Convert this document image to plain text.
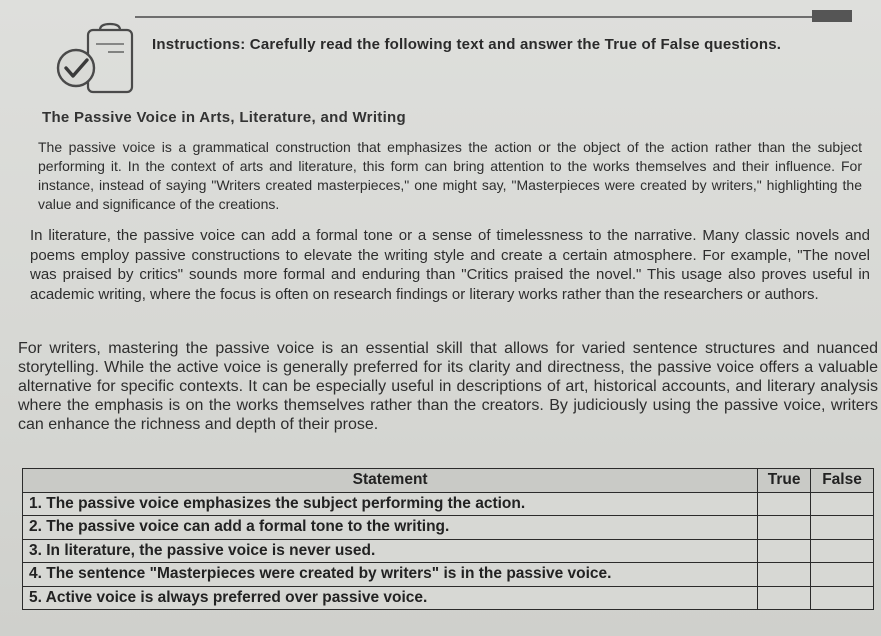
Instructions: Carefully read the following text and answer the True of False questions.
The Passive Voice in Arts, Literature, and Writing

The passive voice is a grammatical construction that emphasizes the action or the object of the action rather than the subject performing it. In the context of arts and literature, this form can bring attention to the works themselves and their influence. For instance, instead of saying "Writers created masterpieces," one might say, "Masterpieces were created by writers," highlighting the value and significance of the creations.

In literature, the passive voice can add a formal tone or a sense of timelessness to the narrative. Many classic novels and poems employ passive constructions to elevate the writing style and create a certain atmosphere. For example, "The novel was praised by critics" sounds more formal and enduring than "Critics praised the novel." This usage also proves useful in academic writing, where the focus is often on research findings or literary works rather than the researchers or authors.

For writers, mastering the passive voice is an essential skill that allows for varied sentence structures and nuanced storytelling. While the active voice is generally preferred for its clarity and directness, the passive voice offers a valuable alternative for specific contexts. It can be especially useful in descriptions of art, historical accounts, and literary analysis where the emphasis is on the works themselves rather than the creators. By judiciously using the passive voice, writers can enhance the richness and depth of their prose.

Statement	True	False
1. The passive voice emphasizes the subject performing the action.		
2. The passive voice can add a formal tone to the writing.		
3. In literature, the passive voice is never used.		
4. The sentence "Masterpieces were created by writers" is in the passive voice.		
5. Active voice is always preferred over passive voice.		
